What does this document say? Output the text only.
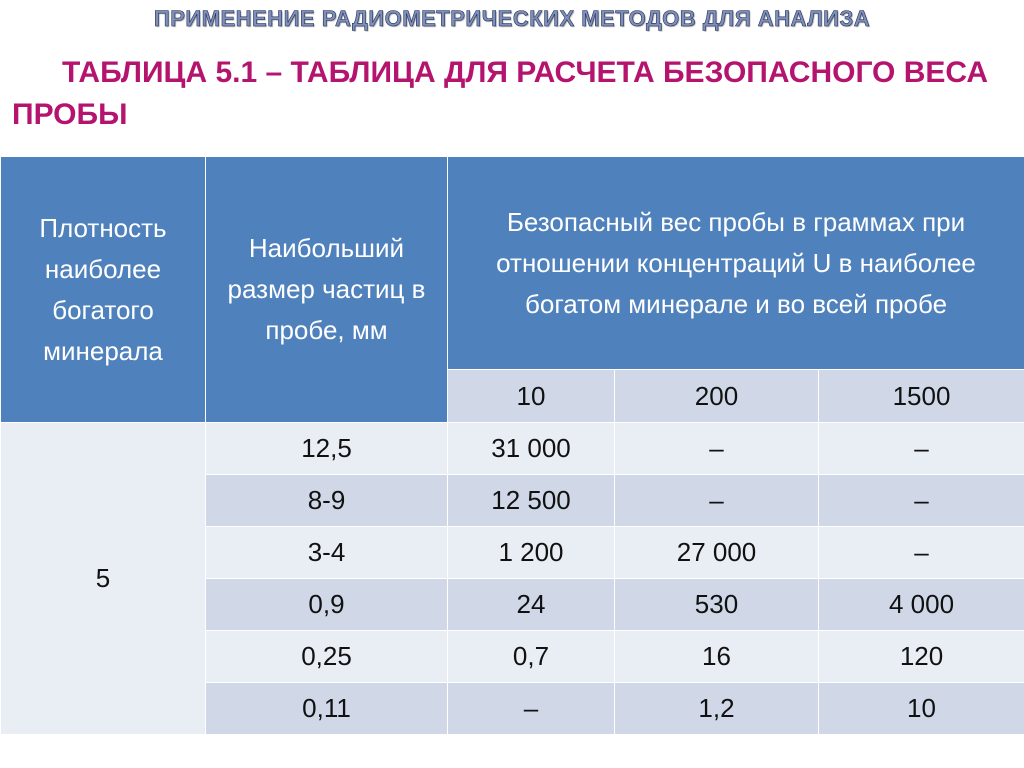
ПРИМЕНЕНИЕ РАДИОМЕТРИЧЕСКИХ МЕТОДОВ ДЛЯ АНАЛИЗА
ТАБЛИЦА 5.1 – ТАБЛИЦА ДЛЯ РАСЧЕТА БЕЗОПАСНОГО ВЕСА ПРОБЫ
Плотность наиболее богатого минерала	Наибольший размер частиц в пробе, мм	Безопасный вес пробы в граммах при отношении концентраций U в наиболее богатом минерале и во всей пробе		
		10	200	1500
5	12,5	31 000	–	–
	8-9	12 500	–	–
	3-4	1 200	27 000	–
	0,9	24	530	4 000
	0,25	0,7	16	120
	0,11	–	1,2	10
